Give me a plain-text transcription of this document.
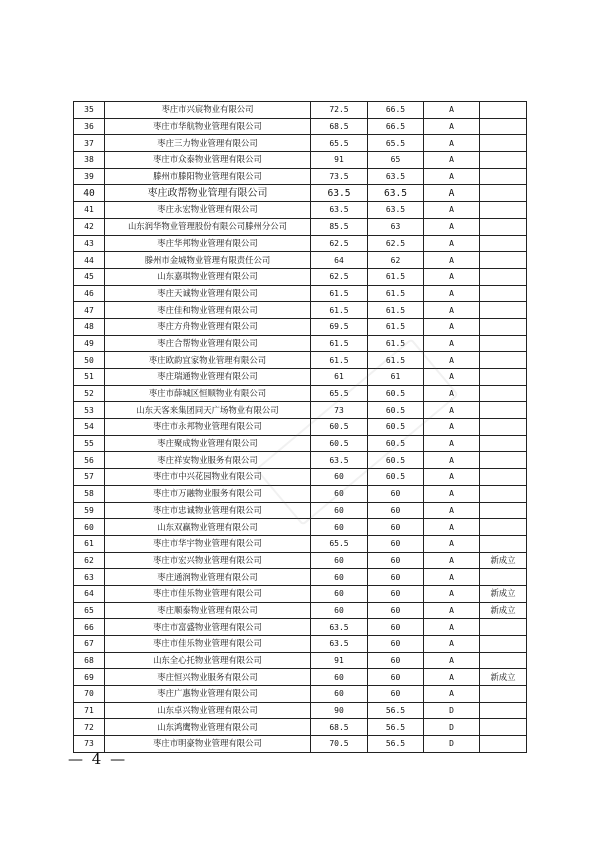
35	枣庄市兴宸物业有限公司	72.5	66.5	A	
36	枣庄市华航物业管理有限公司	68.5	66.5	A	
37	枣庄三力物业管理有限公司	65.5	65.5	A	
38	枣庄市众泰物业管理有限公司	91	65	A	
39	滕州市滕阳物业管理有限公司	73.5	63.5	A	
40	枣庄政帮物业管理有限公司	63.5	63.5	A	
41	枣庄永宏物业管理有限公司	63.5	63.5	A	
42	山东润华物业管理股份有限公司滕州分公司	85.5	63	A	
43	枣庄华邦物业管理有限公司	62.5	62.5	A	
44	滕州市金城物业管理有限责任公司	64	62	A	
45	山东嘉琪物业管理有限公司	62.5	61.5	A	
46	枣庄天诚物业管理有限公司	61.5	61.5	A	
47	枣庄佳和物业管理有限公司	61.5	61.5	A	
48	枣庄方舟物业管理有限公司	69.5	61.5	A	
49	枣庄合帮物业管理有限公司	61.5	61.5	A	
50	枣庄欧韵宜家物业管理有限公司	61.5	61.5	A	
51	枣庄瑞通物业管理有限公司	61	61	A	
52	枣庄市薛城区恒顺物业有限公司	65.5	60.5	A	
53	山东天客来集团同天广场物业有限公司	73	60.5	A	
54	枣庄市永邦物业管理有限公司	60.5	60.5	A	
55	枣庄聚成物业管理有限公司	60.5	60.5	A	
56	枣庄祥安物业服务有限公司	63.5	60.5	A	
57	枣庄市中兴花园物业有限公司	60	60.5	A	
58	枣庄市万融物业服务有限公司	60	60	A	
59	枣庄市忠诚物业管理有限公司	60	60	A	
60	山东双赢物业管理有限公司	60	60	A	
61	枣庄市华宇物业管理有限公司	65.5	60	A	
62	枣庄市宏兴物业管理有限公司	60	60	A	新成立
63	枣庄通润物业管理有限公司	60	60	A	
64	枣庄市佳乐物业管理有限公司	60	60	A	新成立
65	枣庄顺泰物业管理有限公司	60	60	A	新成立
66	枣庄市富盛物业管理有限公司	63.5	60	A	
67	枣庄市佳乐物业管理有限公司	63.5	60	A	
68	山东全心托物业管理有限公司	91	60	A	
69	枣庄恒兴物业服务有限公司	60	60	A	新成立
70	枣庄广惠物业管理有限公司	60	60	A	
71	山东卓兴物业管理有限公司	90	56.5	D	
72	山东鸿鹰物业管理有限公司	68.5	56.5	D	
73	枣庄市明豪物业管理有限公司	70.5	56.5	D	
— 4 —
